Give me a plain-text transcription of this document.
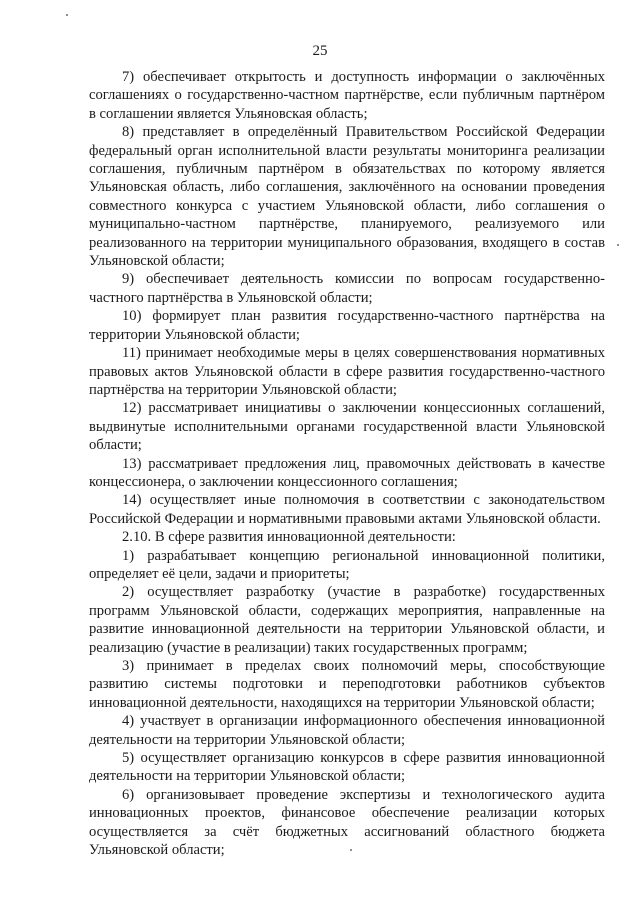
25

7) обеспечивает открытость и доступность информации о заключённых соглашениях о государственно-частном партнёрстве, если публичным партнёром в соглашении является Ульяновская область;

8) представляет в определённый Правительством Российской Федерации федеральный орган исполнительной власти результаты мониторинга реализации соглашения, публичным партнёром в обязательствах по которому является Ульяновская область, либо соглашения, заключённого на основании проведения совместного конкурса с участием Ульяновской области, либо соглашения о муниципально-частном партнёрстве, планируемого, реализуемого или реализованного на территории муниципального образования, входящего в состав Ульяновской области;

9) обеспечивает деятельность комиссии по вопросам государственно-частного партнёрства в Ульяновской области;

10) формирует план развития государственно-частного партнёрства на территории Ульяновской области;

11) принимает необходимые меры в целях совершенствования нормативных правовых актов Ульяновской области в сфере развития государственно-частного партнёрства на территории Ульяновской области;

12) рассматривает инициативы о заключении концессионных соглашений, выдвинутые исполнительными органами государственной власти Ульяновской области;

13) рассматривает предложения лиц, правомочных действовать в качестве концессионера, о заключении концессионного соглашения;

14) осуществляет иные полномочия в соответствии с законодательством Российской Федерации и нормативными правовыми актами Ульяновской области.

2.10. В сфере развития инновационной деятельности:

1) разрабатывает концепцию региональной инновационной политики, определяет её цели, задачи и приоритеты;

2) осуществляет разработку (участие в разработке) государственных программ Ульяновской области, содержащих мероприятия, направленные на развитие инновационной деятельности на территории Ульяновской области, и реализацию (участие в реализации) таких государственных программ;

3) принимает в пределах своих полномочий меры, способствующие развитию системы подготовки и переподготовки работников субъектов инновационной деятельности, находящихся на территории Ульяновской области;

4) участвует в организации информационного обеспечения инновационной деятельности на территории Ульяновской области;

5) осуществляет организацию конкурсов в сфере развития инновационной деятельности на территории Ульяновской области;

6) организовывает проведение экспертизы и технологического аудита инновационных проектов, финансовое обеспечение реализации которых осуществляется за счёт бюджетных ассигнований областного бюджета Ульяновской области;
